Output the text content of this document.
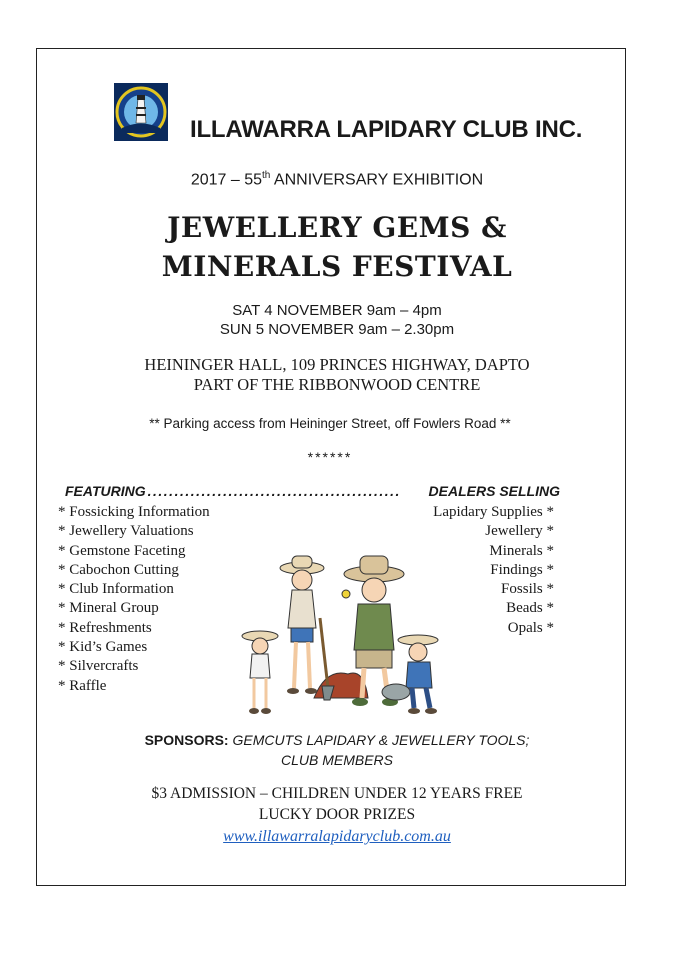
ILLAWARRA LAPIDARY CLUB INC.
2017 – 55th ANNIVERSARY EXHIBITION
JEWELLERY GEMS &
MINERALS FESTIVAL
SAT 4 NOVEMBER 9am – 4pm
SUN 5 NOVEMBER 9am – 2.30pm
HEININGER HALL, 109 PRINCES HIGHWAY, DAPTO
PART OF THE RIBBONWOOD CENTRE
** Parking access from Heininger Street, off Fowlers Road **
******
FEATURING ...............................................	DEALERS SELLING
* Fossicking Information
* Jewellery Valuations
* Gemstone Faceting
* Cabochon Cutting
* Club Information
* Mineral Group
* Refreshments
* Kid’s Games
* Silvercrafts
* Raffle
Lapidary Supplies *
Jewellery *
Minerals *
Findings *
Fossils *
Beads *
Opals *
SPONSORS: GEMCUTS LAPIDARY & JEWELLERY TOOLS;
CLUB MEMBERS
$3 ADMISSION – CHILDREN UNDER 12 YEARS FREE
LUCKY DOOR PRIZES
www.illawarralapidaryclub.com.au
